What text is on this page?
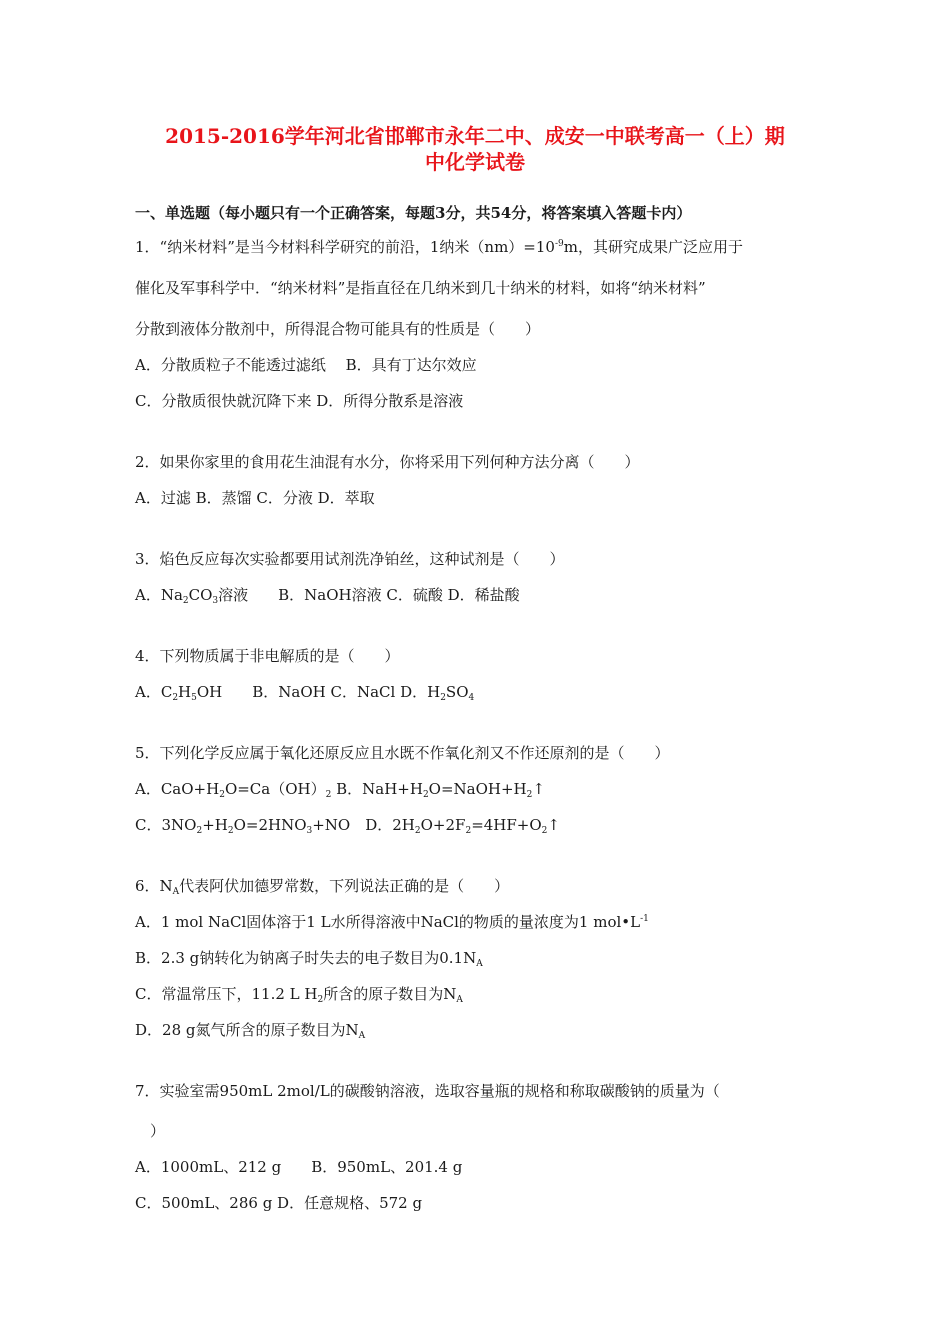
2015-2016学年河北省邯郸市永年二中、成安一中联考高一（上）期
中化学试卷
一、单选题（每小题只有一个正确答案，每题3分，共54分，将答案填入答题卡内）
1．“纳米材料”是当今材料科学研究的前沿，1纳米$(nm)=10^{-9}m$，其研究成果广泛应用于
催化及军事科学中．“纳米材料”是指直径在几纳米到几十纳米的材料，如将“纳米材料”
分散到液体分散剂中，所得混合物可能具有的性质是（　　）
A．分散质粒子不能透过滤纸　 B．具有丁达尔效应
C．分散质很快就沉降下来 D．所得分散系是溶液
2．如果你家里的食用花生油混有水分，你将采用下列何种方法分离（　　）
A．过滤 B．蒸馏 C．分液 D．萃取
3．焰色反应每次实验都要用试剂洗净铂丝，这种试剂是（　　）
A．$Na_2CO_3$溶液　　B．NaOH溶液 C．硫酸 D．稀盐酸
4．下列物质属于非电解质的是（　　）
A．$C_2H_5OH$　　B．NaOH C．NaCl D．$H_2SO_4$
5．下列化学反应属于氧化还原反应且水既不作氧化剂又不作还原剂的是（　　）
A．$CaO+H_2O=Ca(OH)_2$ B．$NaH+H_2O=NaOH+H_2↑$
C．$3NO_2+H_2O=2HNO_3+NO$　D．$2H_2O+2F_2=4HF+O_2↑$
6．$N_A$代表阿伏加德罗常数，下列说法正确的是（　　）
A．1 mol NaCl固体溶于1 L水所得溶液中NaCl的物质的量浓度为1 $mol•L^{-1}$
B．2.3 g钠转化为钠离子时失去的电子数目为$0.1N_A$
C．常温常压下，11.2 L $H_2$所含的原子数目为$N_A$
D．28 g氮气所含的原子数目为$N_A$
7．实验室需950mL 2mol/L的碳酸钠溶液，选取容量瓶的规格和称取碳酸钠的质量为（
　）
A．1000mL、212 g　　B．950mL、201.4 g
C．500mL、286 g D．任意规格、572 g
